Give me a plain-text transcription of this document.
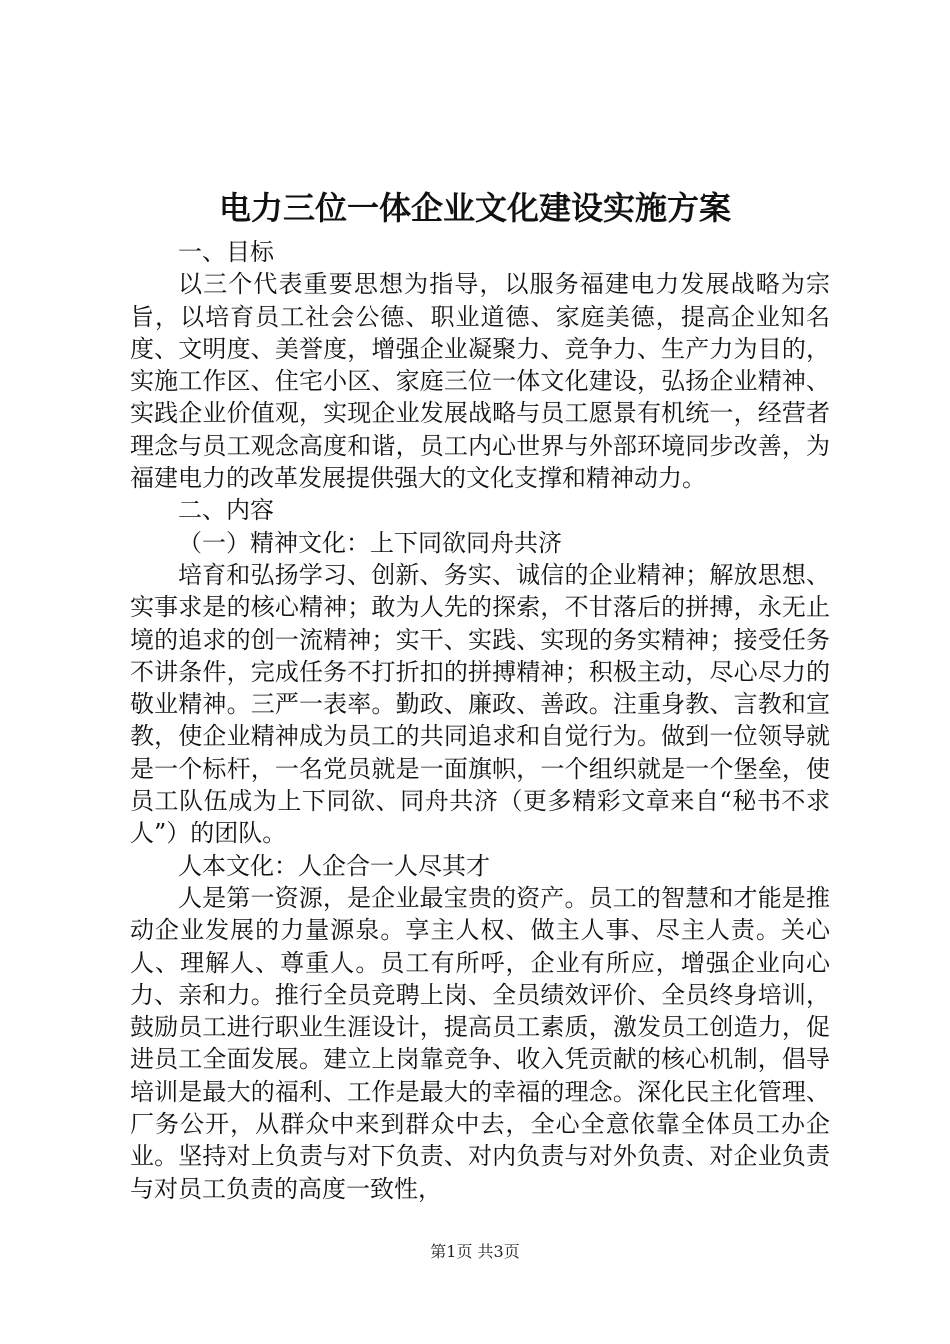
电力三位一体企业文化建设实施方案

一、目标

以三个代表重要思想为指导，以服务福建电力发展战略为宗旨，以培育员工社会公德、职业道德、家庭美德，提高企业知名度、文明度、美誉度，增强企业凝聚力、竞争力、生产力为目的，实施工作区、住宅小区、家庭三位一体文化建设，弘扬企业精神、实践企业价值观，实现企业发展战略与员工愿景有机统一，经营者理念与员工观念高度和谐，员工内心世界与外部环境同步改善，为福建电力的改革发展提供强大的文化支撑和精神动力。

二、内容

（一）精神文化：上下同欲同舟共济

培育和弘扬学习、创新、务实、诚信的企业精神；解放思想、实事求是的核心精神；敢为人先的探索，不甘落后的拼搏，永无止境的追求的创一流精神；实干、实践、实现的务实精神；接受任务不讲条件，完成任务不打折扣的拼搏精神；积极主动，尽心尽力的敬业精神。三严一表率。勤政、廉政、善政。注重身教、言教和宣教，使企业精神成为员工的共同追求和自觉行为。做到一位领导就是一个标杆，一名党员就是一面旗帜，一个组织就是一个堡垒，使员工队伍成为上下同欲、同舟共济（更多精彩文章来自“秘书不求人”）的团队。

人本文化：人企合一人尽其才

人是第一资源，是企业最宝贵的资产。员工的智慧和才能是推动企业发展的力量源泉。享主人权、做主人事、尽主人责。关心人、理解人、尊重人。员工有所呼，企业有所应，增强企业向心力、亲和力。推行全员竞聘上岗、全员绩效评价、全员终身培训，鼓励员工进行职业生涯设计，提高员工素质，激发员工创造力，促进员工全面发展。建立上岗靠竞争、收入凭贡献的核心机制，倡导培训是最大的福利、工作是最大的幸福的理念。深化民主化管理、厂务公开，从群众中来到群众中去，全心全意依靠全体员工办企业。坚持对上负责与对下负责、对内负责与对外负责、对企业负责与对员工负责的高度一致性，

第1页 共3页
